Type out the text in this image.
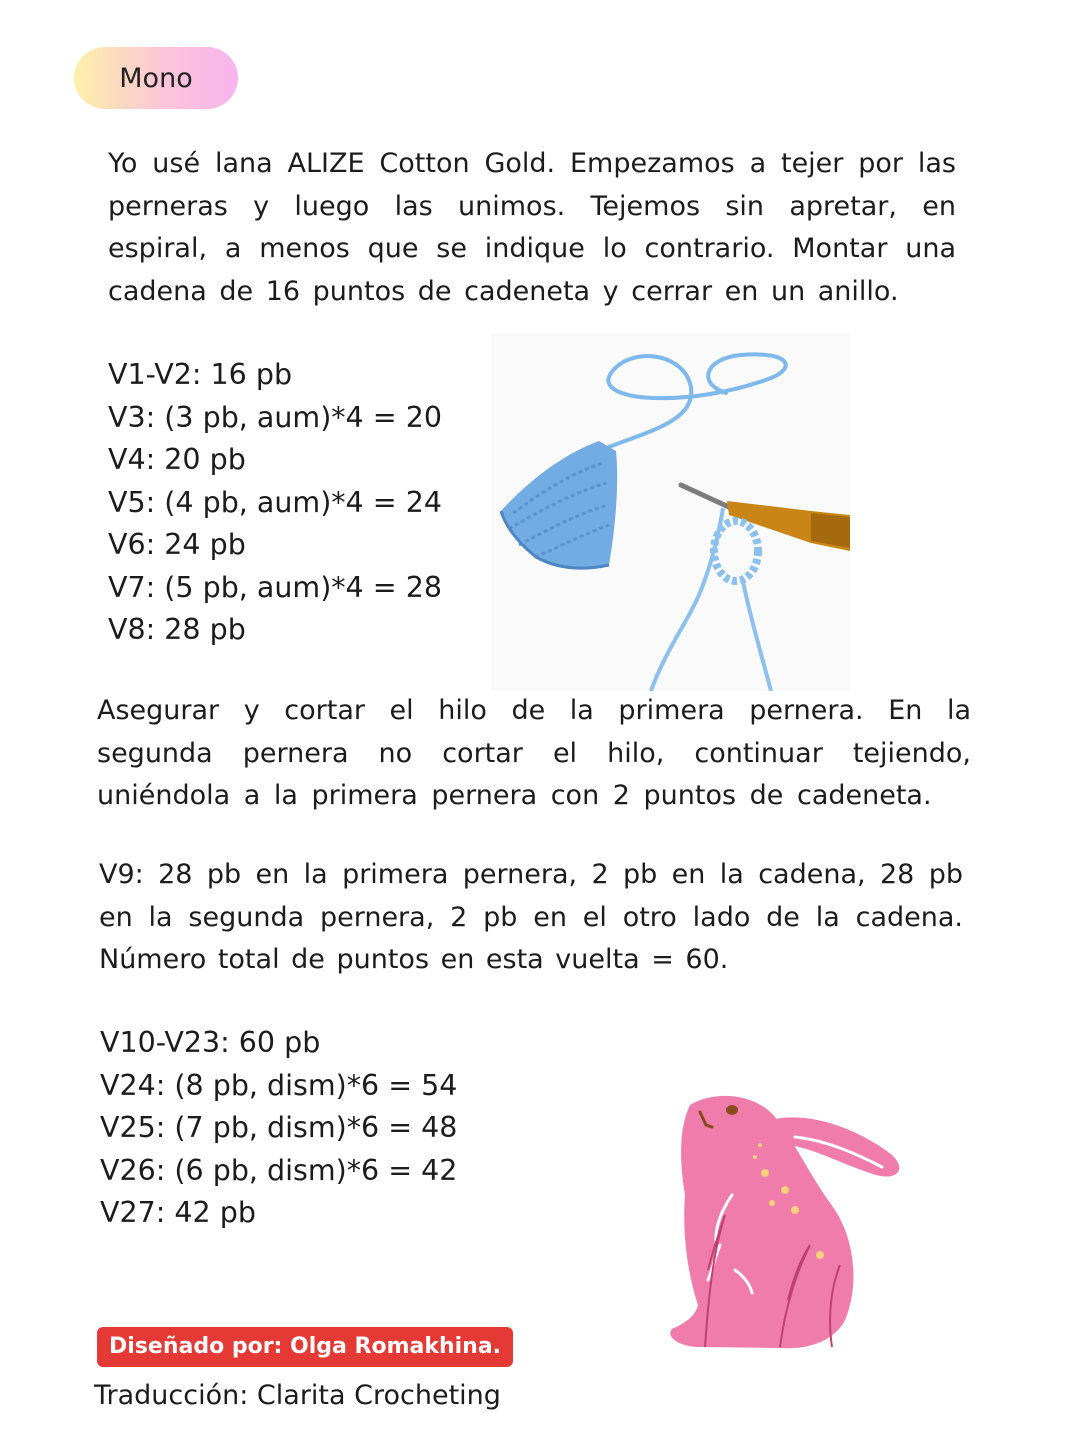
Mono

Yo usé lana ALIZE Cotton Gold. Empezamos a tejer por las perneras y luego las unimos. Tejemos sin apretar, en espiral, a menos que se indique lo contrario. Montar una cadena de 16 puntos de cadeneta y cerrar en un anillo.

V1-V2: 16 pb
V3: (3 pb, aum)*4 = 20
V4: 20 pb
V5: (4 pb, aum)*4 = 24
V6: 24 pb
V7: (5 pb, aum)*4 = 28
V8: 28 pb

Asegurar y cortar el hilo de la primera pernera. En la segunda pernera no cortar el hilo, continuar tejiendo, uniéndola a la primera pernera con 2 puntos de cadeneta.

V9: 28 pb en la primera pernera, 2 pb en la cadena, 28 pb en la segunda pernera, 2 pb en el otro lado de la cadena. Número total de puntos en esta vuelta = 60.

V10-V23: 60 pb
V24: (8 pb, dism)*6 = 54
V25: (7 pb, dism)*6 = 48
V26: (6 pb, dism)*6 = 42
V27: 42 pb
Diseñado por: Olga Romakhina.
Traducción: Clarita Crocheting
